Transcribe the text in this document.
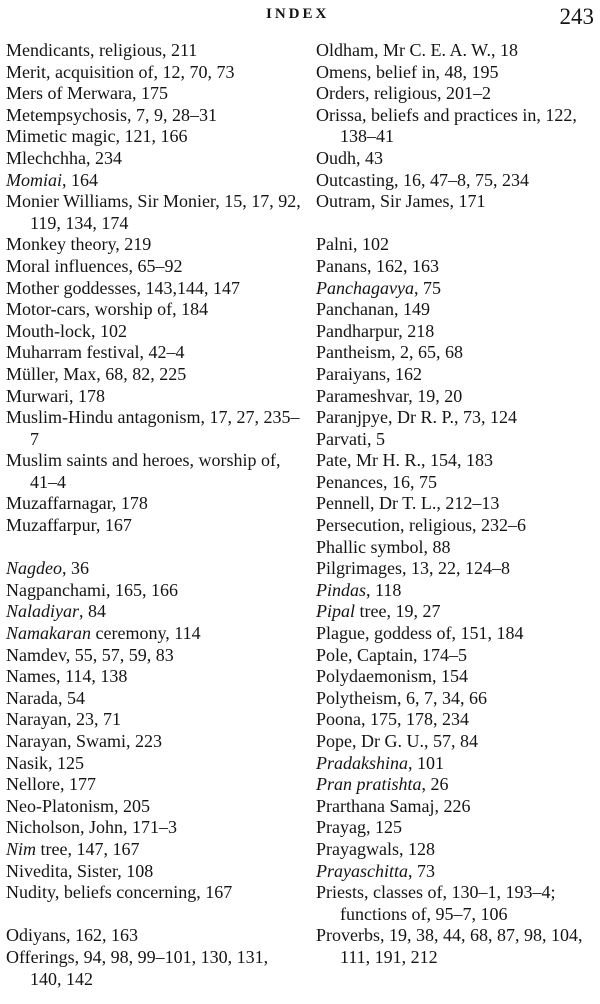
INDEX	243
Mendicants, religious, 211
Merit, acquisition of, 12, 70, 73
Mers of Merwara, 175
Metempsychosis, 7, 9, 28–31
Mimetic magic, 121, 166
Mlechchha, 234
Momiai, 164
Monier Williams, Sir Monier, 15, 17, 92, 119, 134, 174
Monkey theory, 219
Moral influences, 65–92
Mother goddesses, 143,144, 147
Motor-cars, worship of, 184
Mouth-lock, 102
Muharram festival, 42–4
Müller, Max, 68, 82, 225
Murwari, 178
Muslim-Hindu antagonism, 17, 27, 235–7
Muslim saints and heroes, worship of, 41–4
Muzaffarnagar, 178
Muzaffarpur, 167
Nagdeo, 36
Nagpanchami, 165, 166
Naladiyar, 84
Namakaran ceremony, 114
Namdev, 55, 57, 59, 83
Names, 114, 138
Narada, 54
Narayan, 23, 71
Narayan, Swami, 223
Nasik, 125
Nellore, 177
Neo-Platonism, 205
Nicholson, John, 171–3
Nim tree, 147, 167
Nivedita, Sister, 108
Nudity, beliefs concerning, 167
Odiyans, 162, 163
Offerings, 94, 98, 99–101, 130, 131, 140, 142
Oldham, Mr C. E. A. W., 18
Omens, belief in, 48, 195
Orders, religious, 201–2
Orissa, beliefs and practices in, 122, 138–41
Oudh, 43
Outcasting, 16, 47–8, 75, 234
Outram, Sir James, 171
Palni, 102
Panans, 162, 163
Panchagavya, 75
Panchanan, 149
Pandharpur, 218
Pantheism, 2, 65, 68
Paraiyans, 162
Parameshvar, 19, 20
Paranjpye, Dr R. P., 73, 124
Parvati, 5
Pate, Mr H. R., 154, 183
Penances, 16, 75
Pennell, Dr T. L., 212–13
Persecution, religious, 232–6
Phallic symbol, 88
Pilgrimages, 13, 22, 124–8
Pindas, 118
Pipal tree, 19, 27
Plague, goddess of, 151, 184
Pole, Captain, 174–5
Polydaemonism, 154
Polytheism, 6, 7, 34, 66
Poona, 175, 178, 234
Pope, Dr G. U., 57, 84
Pradakshina, 101
Pran pratishta, 26
Prarthana Samaj, 226
Prayag, 125
Prayagwals, 128
Prayaschitta, 73
Priests, classes of, 130–1, 193–4; functions of, 95–7, 106
Proverbs, 19, 38, 44, 68, 87, 98, 104, 111, 191, 212
